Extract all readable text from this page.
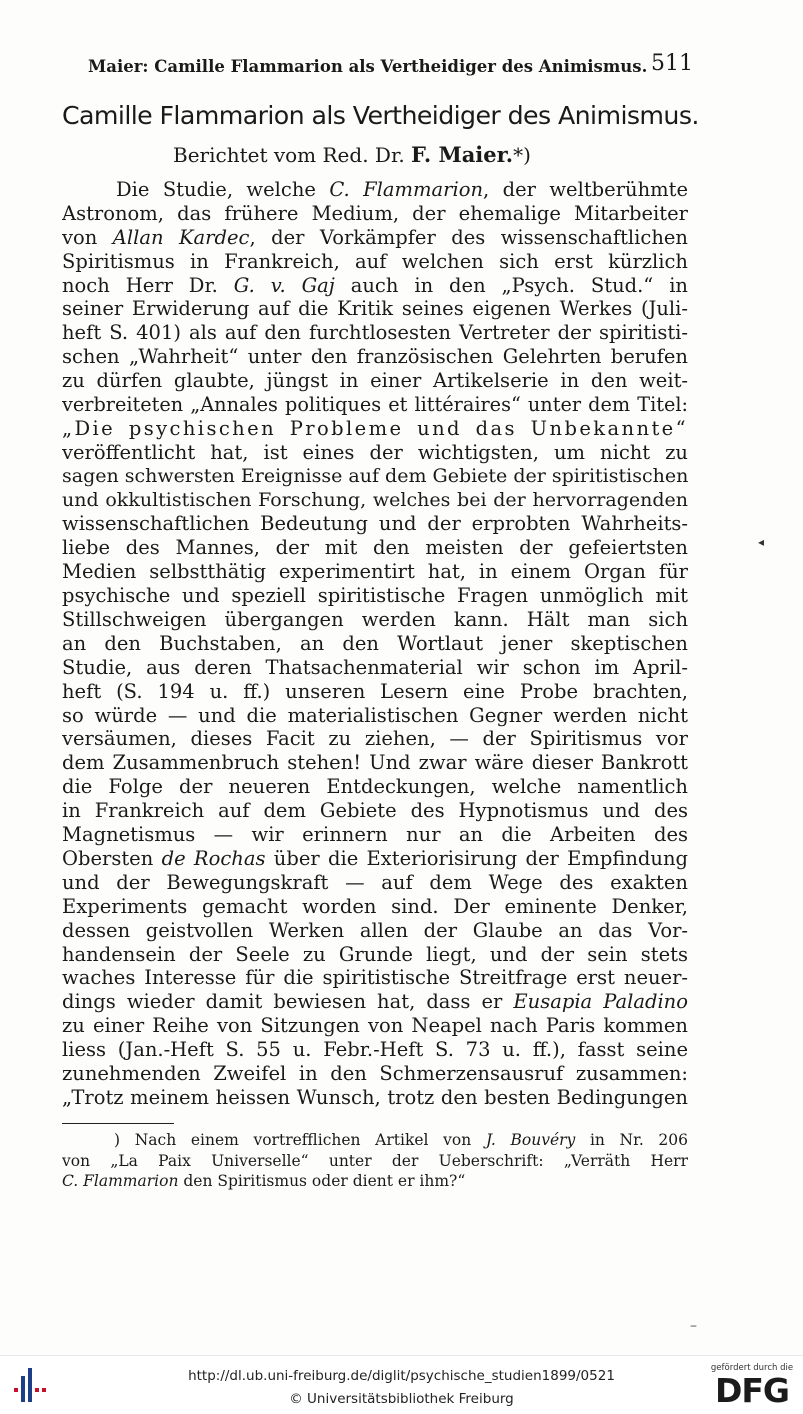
Maier: Camille Flammarion als Vertheidiger des Animismus. 511
Camille Flammarion als Vertheidiger des Animismus.
Berichtet vom Red. Dr. F. Maier.*)
Die Studie, welche C. Flammarion, der weltberühmte
Astronom, das frühere Medium, der ehemalige Mitarbeiter
von Allan Kardec, der Vorkämpfer des wissenschaftlichen
Spiritismus in Frankreich, auf welchen sich erst kürzlich
noch Herr Dr. G. v. Gaj auch in den „Psych. Stud.“ in
seiner Erwiderung auf die Kritik seines eigenen Werkes (Juli-
heft S. 401) als auf den furchtlosesten Vertreter der spiritisti-
schen „Wahrheit“ unter den französischen Gelehrten berufen
zu dürfen glaubte, jüngst in einer Artikelserie in den weit-
verbreiteten „Annales politiques et littéraires“ unter dem Titel:
„Die psychischen Probleme und das Unbekannte“
veröffentlicht hat, ist eines der wichtigsten, um nicht zu
sagen schwersten Ereignisse auf dem Gebiete der spiritistischen
und okkultistischen Forschung, welches bei der hervorragenden
wissenschaftlichen Bedeutung und der erprobten Wahrheits-
liebe des Mannes, der mit den meisten der gefeiertsten
Medien selbstthätig experimentirt hat, in einem Organ für
psychische und speziell spiritistische Fragen unmöglich mit
Stillschweigen übergangen werden kann. Hält man sich
an den Buchstaben, an den Wortlaut jener skeptischen
Studie, aus deren Thatsachenmaterial wir schon im April-
heft (S. 194 u. ff.) unseren Lesern eine Probe brachten,
so würde — und die materialistischen Gegner werden nicht
versäumen, dieses Facit zu ziehen, — der Spiritismus vor
dem Zusammenbruch stehen! Und zwar wäre dieser Bankrott
die Folge der neueren Entdeckungen, welche namentlich
in Frankreich auf dem Gebiete des Hypnotismus und des
Magnetismus — wir erinnern nur an die Arbeiten des
Obersten de Rochas über die Exteriorisirung der Empfindung
und der Bewegungskraft — auf dem Wege des exakten
Experiments gemacht worden sind. Der eminente Denker,
dessen geistvollen Werken allen der Glaube an das Vor-
handensein der Seele zu Grunde liegt, und der sein stets
waches Interesse für die spiritistische Streitfrage erst neuer-
dings wieder damit bewiesen hat, dass er Eusapia Paladino
zu einer Reihe von Sitzungen von Neapel nach Paris kommen
liess (Jan.-Heft S. 55 u. Febr.-Heft S. 73 u. ff.), fasst seine
zunehmenden Zweifel in den Schmerzensausruf zusammen:
„Trotz meinem heissen Wunsch, trotz den besten Bedingungen
◂
) Nach einem vortrefflichen Artikel von J. Bouvéry in Nr. 206
von „La Paix Universelle“ unter der Ueberschrift: „Verräth Herr
C. Flammarion den Spiritismus oder dient er ihm?“
–
http://dl.ub.uni-freiburg.de/diglit/psychische_studien1899/0521
© Universitätsbibliothek Freiburg
gefördert durch die
DFG
